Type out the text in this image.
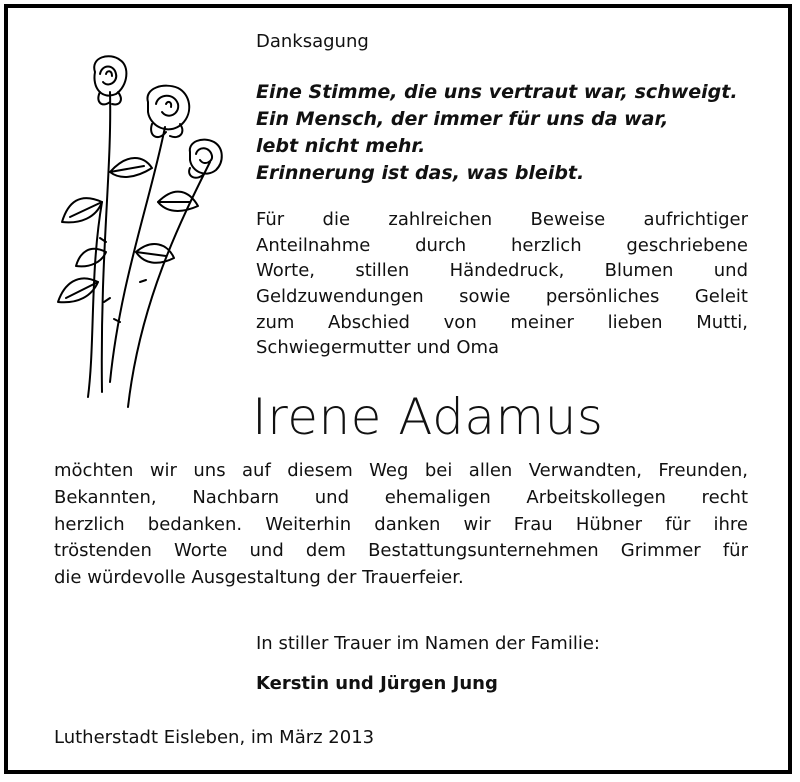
Danksagung
Eine Stimme, die uns vertraut war, schweigt.
Ein Mensch, der immer für uns da war,
lebt nicht mehr.
Erinnerung ist das, was bleibt.
Für die zahlreichen Beweise aufrichtiger
Anteilnahme durch herzlich geschriebene
Worte, stillen Händedruck, Blumen und
Geldzuwendungen sowie persönliches Geleit
zum Abschied von meiner lieben Mutti,
Schwiegermutter und Oma
Irene Adamus
möchten wir uns auf diesem Weg bei allen Verwandten, Freunden,
Bekannten, Nachbarn und ehemaligen Arbeitskollegen recht
herzlich bedanken. Weiterhin danken wir Frau Hübner für ihre
tröstenden Worte und dem Bestattungsunternehmen Grimmer für
die würdevolle Ausgestaltung der Trauerfeier.
In stiller Trauer im Namen der Familie:
Kerstin und Jürgen Jung
Lutherstadt Eisleben, im März 2013
